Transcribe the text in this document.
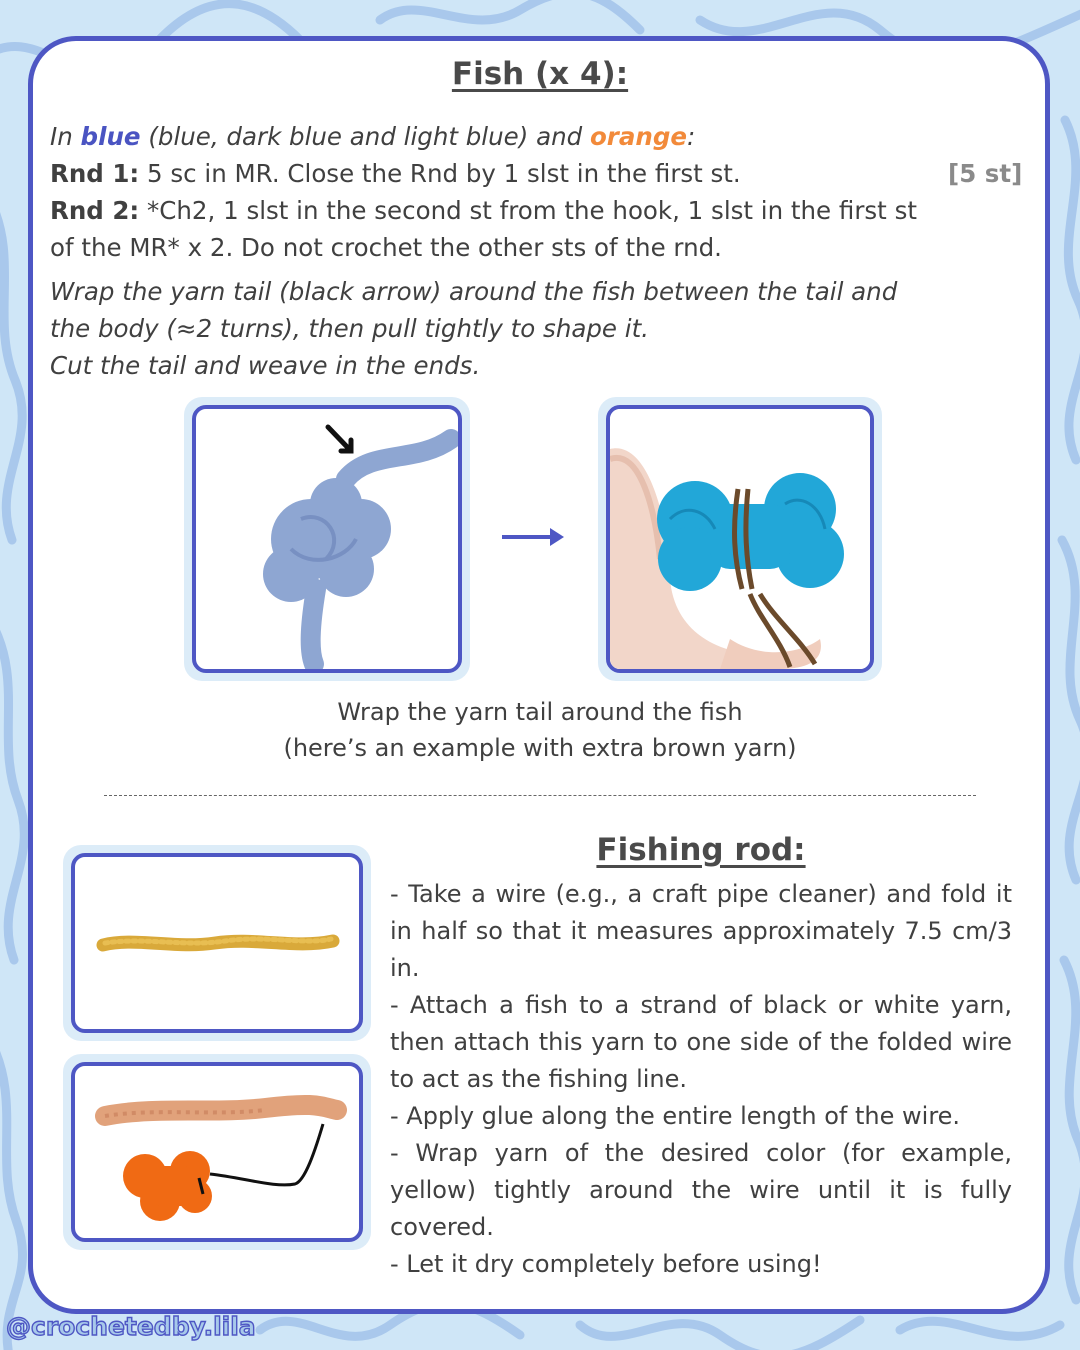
Fish (x 4):
In blue (blue, dark blue and light blue) and orange:
Rnd 1: 5 sc in MR. Close the Rnd by 1 slst in the first st.	[5 st]
Rnd 2: *Ch2, 1 slst in the second st from the hook, 1 slst in the first st of the MR* x 2. Do not crochet the other sts of the rnd.
Wrap the yarn tail (black arrow) around the fish between the tail and
the body (≈2 turns), then pull tightly to shape it.
Cut the tail and weave in the ends.
Wrap the yarn tail around the fish
(here’s an example with extra brown yarn)
Fishing rod:

- Take a wire (e.g., a craft pipe cleaner) and fold it in half so that it measures approximately 7.5 cm/3 in.

- Attach a fish to a strand of black or white yarn, then attach this yarn to one side of the folded wire to act as the fishing line.

- Apply glue along the entire length of the wire.

- Wrap yarn of the desired color (for example, yellow) tightly around the wire until it is fully covered.

- Let it dry completely before using!

@crochetedby.lila
